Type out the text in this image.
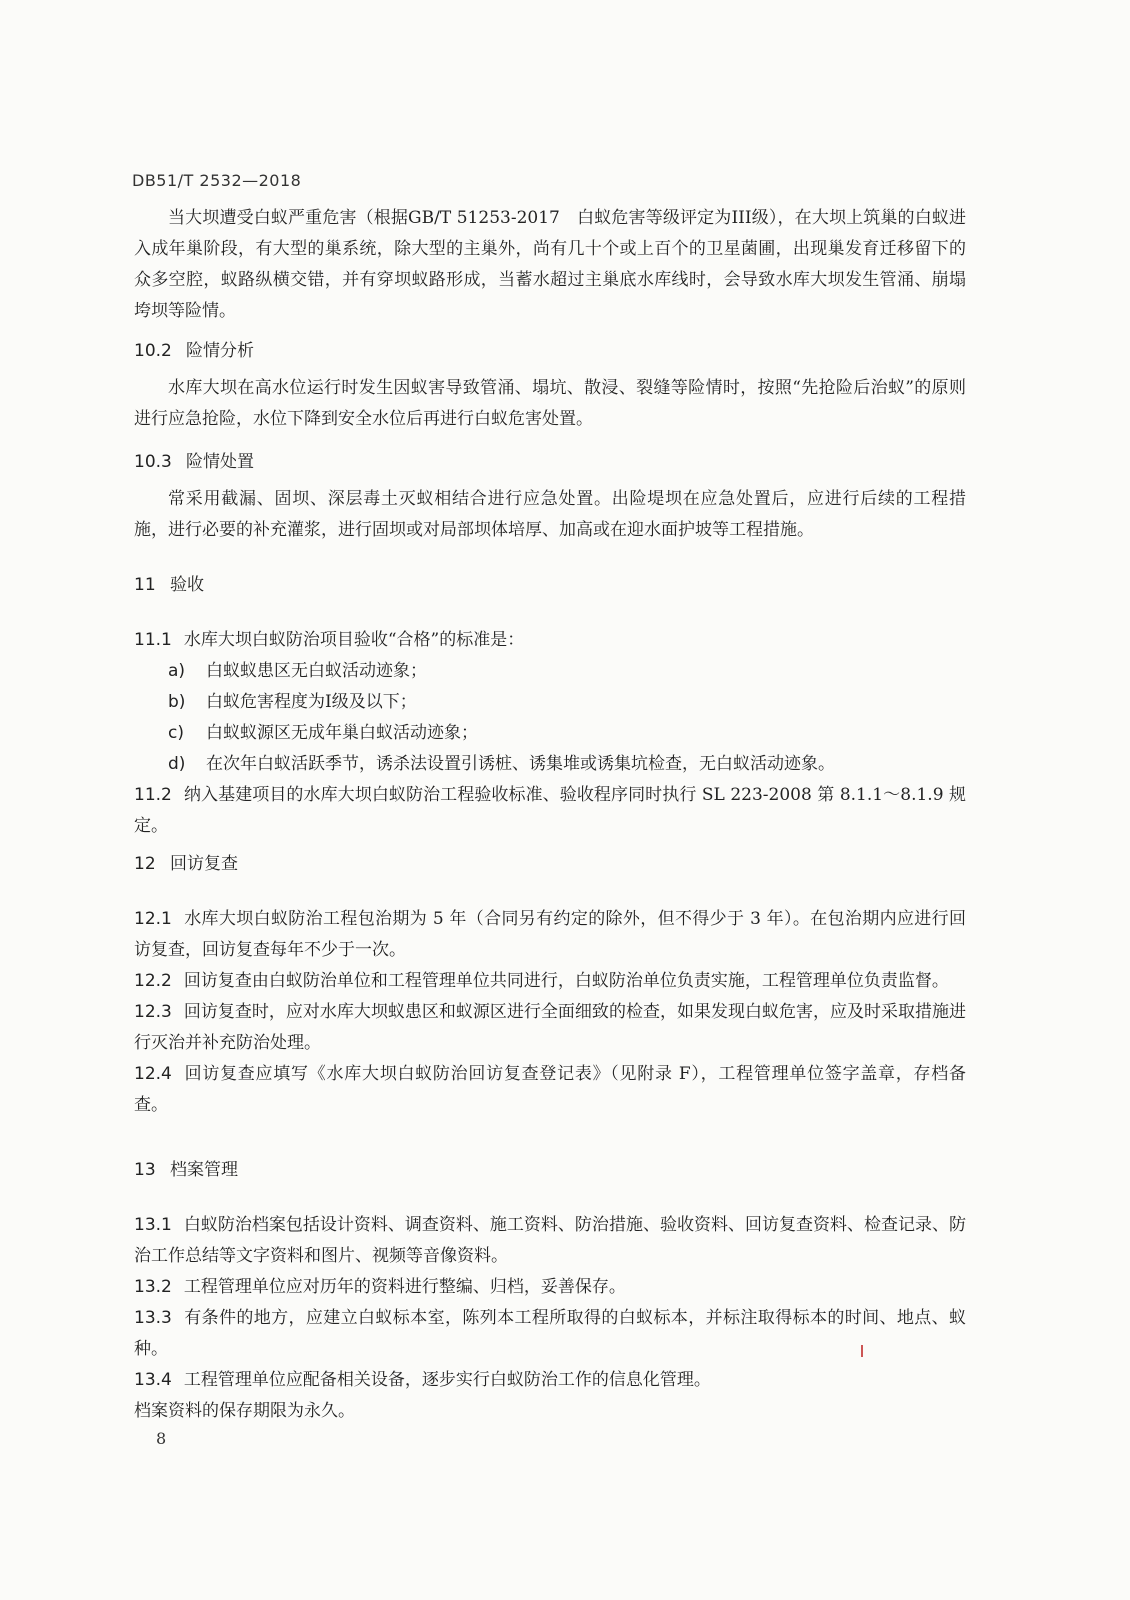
DB51/T 2532—2018

当大坝遭受白蚁严重危害（根据GB/T 51253-2017　白蚁危害等级评定为III级），在大坝上筑巢的白蚁进入成年巢阶段，有大型的巢系统，除大型的主巢外，尚有几十个或上百个的卫星菌圃，出现巢发育迁移留下的众多空腔，蚁路纵横交错，并有穿坝蚁路形成，当蓄水超过主巢底水库线时，会导致水库大坝发生管涌、崩塌垮坝等险情。

10.2 险情分析

水库大坝在高水位运行时发生因蚁害导致管涌、塌坑、散浸、裂缝等险情时，按照“先抢险后治蚁”的原则进行应急抢险，水位下降到安全水位后再进行白蚁危害处置。

10.3 险情处置

常采用截漏、固坝、深层毒土灭蚁相结合进行应急处置。出险堤坝在应急处置后，应进行后续的工程措施，进行必要的补充灌浆，进行固坝或对局部坝体培厚、加高或在迎水面护坡等工程措施。

11 验收

11.1 水库大坝白蚁防治项目验收“合格”的标准是：

a) 白蚁蚁患区无白蚁活动迹象；
b) 白蚁危害程度为Ⅰ级及以下；
c) 白蚁蚁源区无成年巢白蚁活动迹象；
d) 在次年白蚁活跃季节，诱杀法设置引诱桩、诱集堆或诱集坑检查，无白蚁活动迹象。

11.2 纳入基建项目的水库大坝白蚁防治工程验收标准、验收程序同时执行 SL 223-2008 第 8.1.1～8.1.9 规定。

12 回访复查

12.1 水库大坝白蚁防治工程包治期为 5 年（合同另有约定的除外，但不得少于 3 年）。在包治期内应进行回访复查，回访复查每年不少于一次。

12.2 回访复查由白蚁防治单位和工程管理单位共同进行，白蚁防治单位负责实施，工程管理单位负责监督。

12.3 回访复查时，应对水库大坝蚁患区和蚁源区进行全面细致的检查，如果发现白蚁危害，应及时采取措施进行灭治并补充防治处理。

12.4 回访复查应填写《水库大坝白蚁防治回访复查登记表》（见附录 F），工程管理单位签字盖章，存档备查。

13 档案管理

13.1 白蚁防治档案包括设计资料、调查资料、施工资料、防治措施、验收资料、回访复查资料、检查记录、防治工作总结等文字资料和图片、视频等音像资料。

13.2 工程管理单位应对历年的资料进行整编、归档，妥善保存。

13.3 有条件的地方，应建立白蚁标本室，陈列本工程所取得的白蚁标本，并标注取得标本的时间、地点、蚁种。

13.4 工程管理单位应配备相关设备，逐步实行白蚁防治工作的信息化管理。

档案资料的保存期限为永久。

8
